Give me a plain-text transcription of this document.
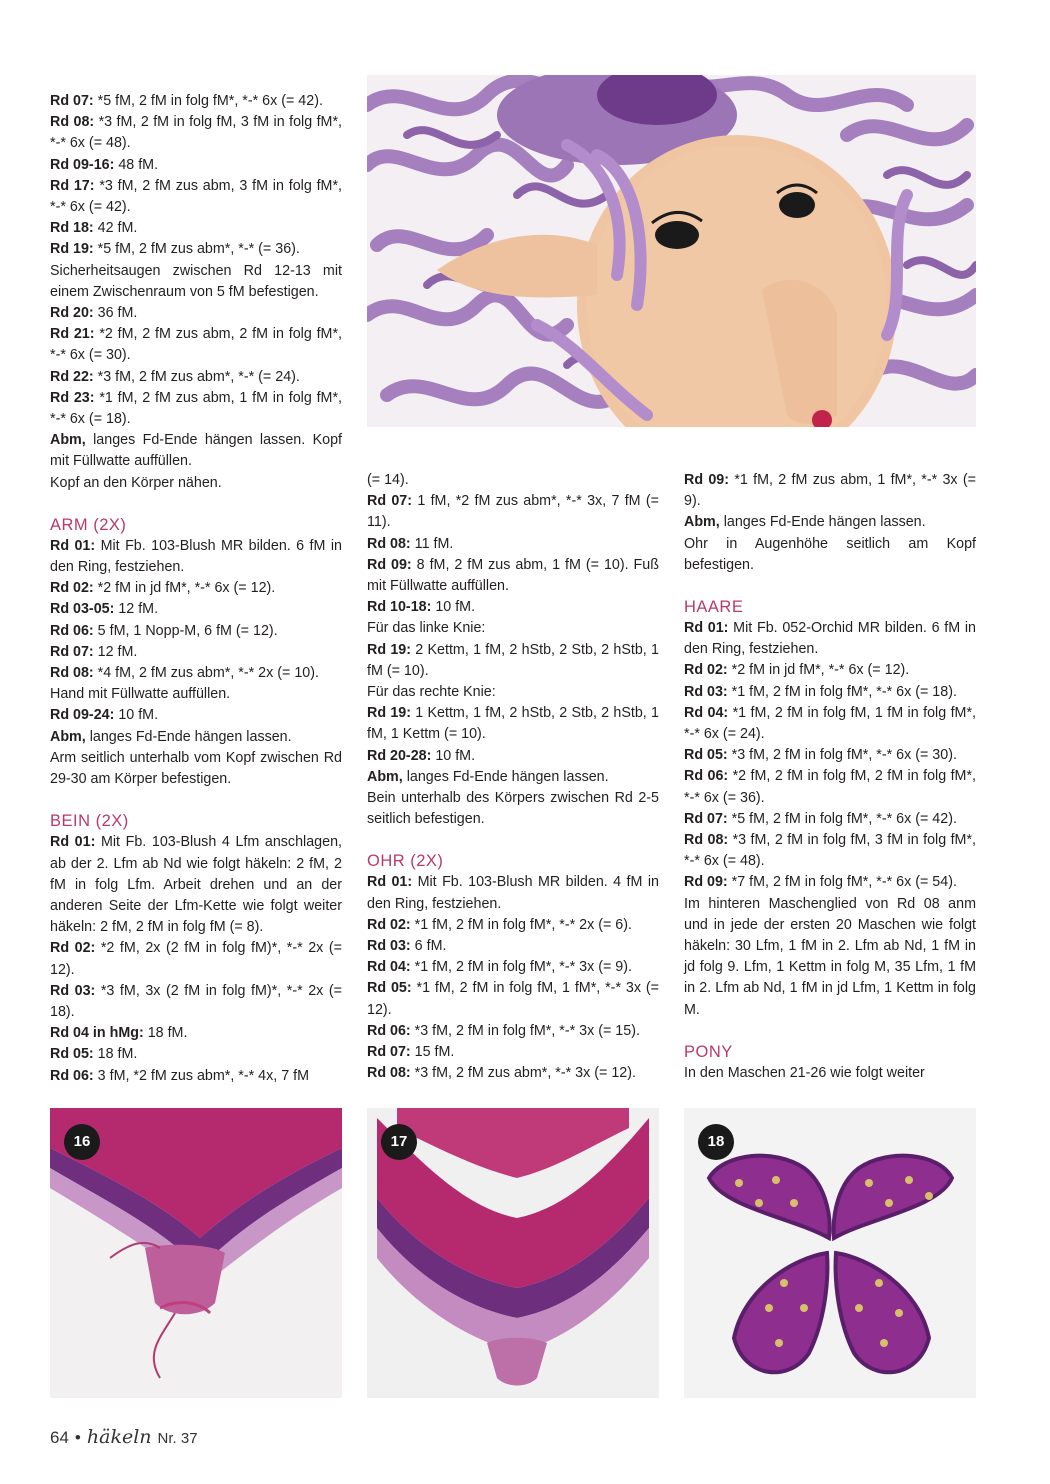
Rd 07: *5 fM, 2 fM in folg fM*, *-* 6x (= 42).

Rd 08: *3 fM, 2 fM in folg fM, 3 fM in folg fM*, *-* 6x (= 48).

Rd 09-16: 48 fM.

Rd 17: *3 fM, 2 fM zus abm, 3 fM in folg fM*, *-* 6x (= 42).

Rd 18: 42 fM.

Rd 19: *5 fM, 2 fM zus abm*, *-* (= 36).

Sicherheitsaugen zwischen Rd 12-13 mit einem Zwischenraum von 5 fM befestigen.

Rd 20: 36 fM.

Rd 21: *2 fM, 2 fM zus abm, 2 fM in folg fM*, *-* 6x (= 30).

Rd 22: *3 fM, 2 fM zus abm*, *-* (= 24).

Rd 23: *1 fM, 2 fM zus abm, 1 fM in folg fM*, *-* 6x (= 18).

Abm, langes Fd-Ende hängen lassen. Kopf mit Füllwatte auffüllen.

Kopf an den Körper nähen.

ARM (2X)

Rd 01: Mit Fb. 103-Blush MR bilden. 6 fM in den Ring, festziehen.

Rd 02: *2 fM in jd fM*, *-* 6x (= 12).

Rd 03-05: 12 fM.

Rd 06: 5 fM, 1 Nopp-M, 6 fM (= 12).

Rd 07: 12 fM.

Rd 08: *4 fM, 2 fM zus abm*, *-* 2x (= 10).

Hand mit Füllwatte auffüllen.

Rd 09-24: 10 fM.

Abm, langes Fd-Ende hängen lassen.

Arm seitlich unterhalb vom Kopf zwischen Rd 29-30 am Körper befestigen.

BEIN (2X)

Rd 01: Mit Fb. 103-Blush 4 Lfm anschlagen, ab der 2. Lfm ab Nd wie folgt häkeln: 2 fM, 2 fM in folg Lfm. Arbeit drehen und an der anderen Seite der Lfm-Kette wie folgt weiter häkeln: 2 fM, 2 fM in folg fM (= 8).

Rd 02: *2 fM, 2x (2 fM in folg fM)*, *-* 2x (= 12).

Rd 03: *3 fM, 3x (2 fM in folg fM)*, *-* 2x (= 18).

Rd 04 in hMg: 18 fM.

Rd 05: 18 fM.

Rd 06: 3 fM, *2 fM zus abm*, *-* 4x, 7 fM

(= 14).

Rd 07: 1 fM, *2 fM zus abm*, *-* 3x, 7 fM (= 11).

Rd 08: 11 fM.

Rd 09: 8 fM, 2 fM zus abm, 1 fM (= 10). Fuß mit Füllwatte auffüllen.

Rd 10-18: 10 fM.

Für das linke Knie:

Rd 19: 2 Kettm, 1 fM, 2 hStb, 2 Stb, 2 hStb, 1 fM (= 10).

Für das rechte Knie:

Rd 19: 1 Kettm, 1 fM, 2 hStb, 2 Stb, 2 hStb, 1 fM, 1 Kettm (= 10).

Rd 20-28: 10 fM.

Abm, langes Fd-Ende hängen lassen.

Bein unterhalb des Körpers zwischen Rd 2-5 seitlich befestigen.

OHR (2X)

Rd 01: Mit Fb. 103-Blush MR bilden. 4 fM in den Ring, festziehen.

Rd 02: *1 fM, 2 fM in folg fM*, *-* 2x (= 6).

Rd 03: 6 fM.

Rd 04: *1 fM, 2 fM in folg fM*, *-* 3x (= 9).

Rd 05: *1 fM, 2 fM in folg fM, 1 fM*, *-* 3x (= 12).

Rd 06: *3 fM, 2 fM in folg fM*, *-* 3x (= 15).

Rd 07: 15 fM.

Rd 08: *3 fM, 2 fM zus abm*, *-* 3x (= 12).

Rd 09: *1 fM, 2 fM zus abm, 1 fM*, *-* 3x (= 9).

Abm, langes Fd-Ende hängen lassen.

Ohr in Augenhöhe seitlich am Kopf befestigen.

HAARE

Rd 01: Mit Fb. 052-Orchid MR bilden. 6 fM in den Ring, festziehen.

Rd 02: *2 fM in jd fM*, *-* 6x (= 12).

Rd 03: *1 fM, 2 fM in folg fM*, *-* 6x (= 18).

Rd 04: *1 fM, 2 fM in folg fM, 1 fM in folg fM*, *-* 6x (= 24).

Rd 05: *3 fM, 2 fM in folg fM*, *-* 6x (= 30).

Rd 06: *2 fM, 2 fM in folg fM, 2 fM in folg fM*, *-* 6x (= 36).

Rd 07: *5 fM, 2 fM in folg fM*, *-* 6x (= 42).

Rd 08: *3 fM, 2 fM in folg fM, 3 fM in folg fM*, *-* 6x (= 48).

Rd 09: *7 fM, 2 fM in folg fM*, *-* 6x (= 54).

Im hinteren Maschenglied von Rd 08 anm und in jede der ersten 20 Maschen wie folgt häkeln: 30 Lfm, 1 fM in 2. Lfm ab Nd, 1 fM in jd folg 9. Lfm, 1 Kettm in folg M, 35 Lfm, 1 fM in 2. Lfm ab Nd, 1 fM in jd Lfm, 1 Kettm in folg M.

PONY

In den Maschen 21-26 wie folgt weiter

16	17	18
64 • häkeln Nr. 37
